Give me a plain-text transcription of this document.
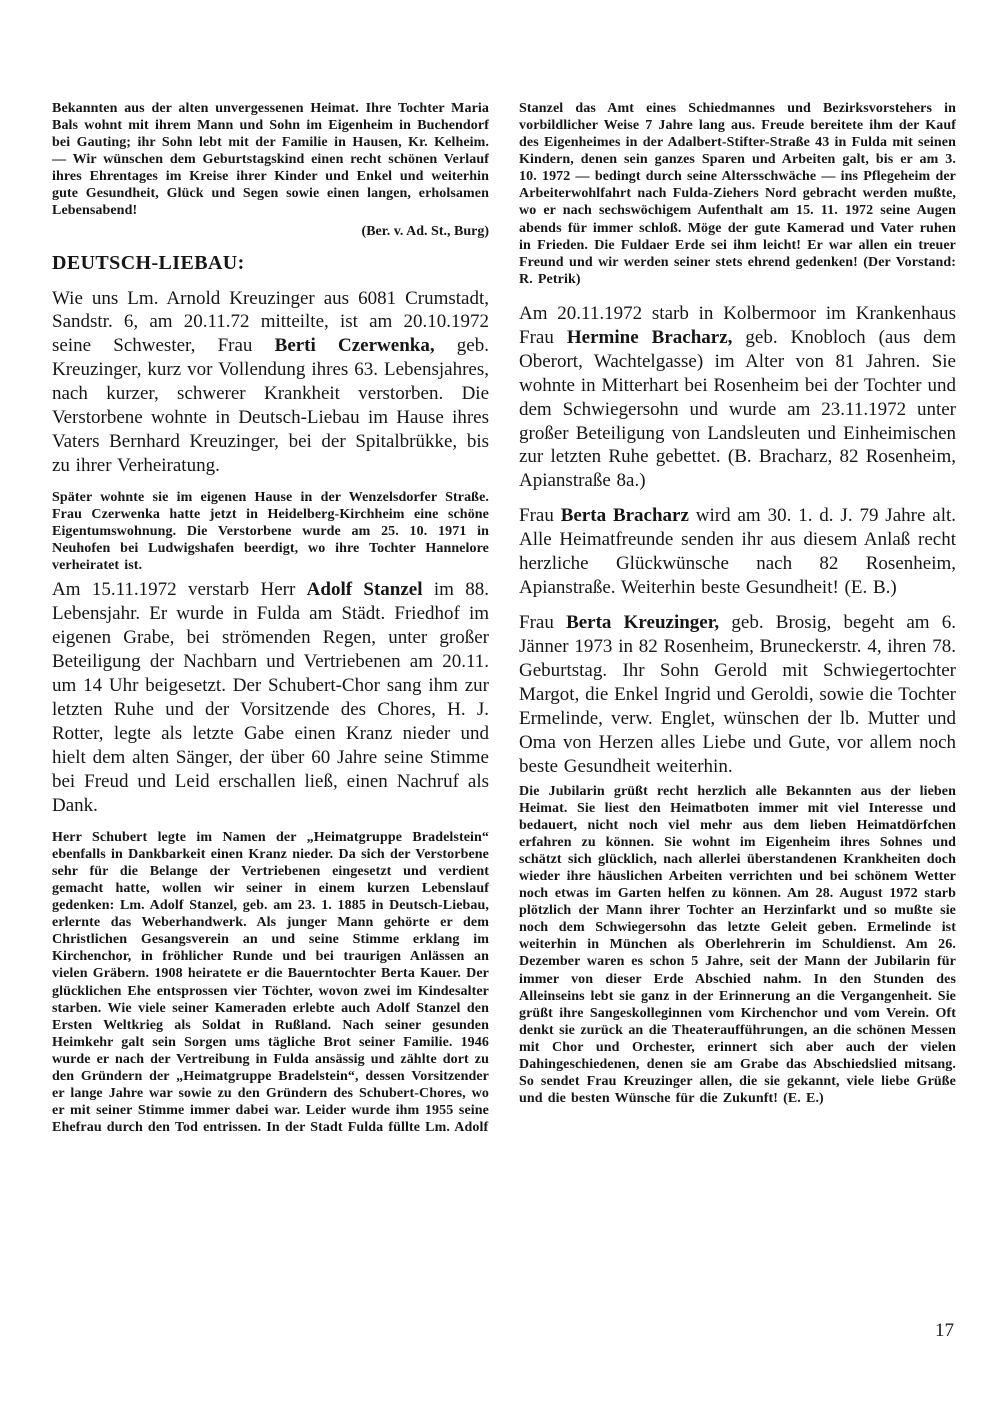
Bekannten aus der alten unvergessenen Heimat. Ihre Tochter Maria Bals wohnt mit ihrem Mann und Sohn im Eigenheim in Buchendorf bei Gauting; ihr Sohn lebt mit der Familie in Hausen, Kr. Kelheim. — Wir wünschen dem Geburtstagskind einen recht schönen Verlauf ihres Ehrentages im Kreise ihrer Kinder und Enkel und weiterhin gute Gesundheit, Glück und Segen sowie einen langen, erholsamen Lebensabend!

(Ber. v. Ad. St., Burg)
DEUTSCH-LIEBAU:

Wie uns Lm. Arnold Kreuzinger aus 6081 Crumstadt, Sandstr. 6, am 20.11.72 mitteilte, ist am 20.10.1972 seine Schwester, Frau Berti Czerwenka, geb. Kreuzinger, kurz vor Vollendung ihres 63. Lebensjahres, nach kurzer, schwerer Krankheit verstorben. Die Verstorbene wohnte in Deutsch-Liebau im Hause ihres Vaters Bernhard Kreuzinger, bei der Spitalbrükke, bis zu ihrer Verheiratung.

Später wohnte sie im eigenen Hause in der Wenzelsdorfer Straße. Frau Czerwenka hatte jetzt in Heidelberg-Kirchheim eine schöne Eigentumswohnung. Die Verstorbene wurde am 25. 10. 1971 in Neuhofen bei Ludwigshafen beerdigt, wo ihre Tochter Hannelore verheiratet ist.

Am 15.11.1972 verstarb Herr Adolf Stanzel im 88. Lebensjahr. Er wurde in Fulda am Städt. Friedhof im eigenen Grabe, bei strömenden Regen, unter großer Beteiligung der Nachbarn und Vertriebenen am 20.11. um 14 Uhr beigesetzt. Der Schubert-Chor sang ihm zur letzten Ruhe und der Vorsitzende des Chores, H. J. Rotter, legte als letzte Gabe einen Kranz nieder und hielt dem alten Sänger, der über 60 Jahre seine Stimme bei Freud und Leid erschallen ließ, einen Nachruf als Dank.

Herr Schubert legte im Namen der „Heimatgruppe Bradelstein“ ebenfalls in Dankbarkeit einen Kranz nieder. Da sich der Verstorbene sehr für die Belange der Vertriebenen eingesetzt und verdient gemacht hatte, wollen wir seiner in einem kurzen Lebenslauf gedenken: Lm. Adolf Stanzel, geb. am 23. 1. 1885 in Deutsch-Liebau, erlernte das Weberhandwerk. Als junger Mann gehörte er dem Christlichen Gesangsverein an und seine Stimme erklang im Kirchenchor, in fröhlicher Runde und bei traurigen Anlässen an vielen Gräbern. 1908 heiratete er die Bauerntochter Berta Kauer. Der glücklichen Ehe entsprossen vier Töchter, wovon zwei im Kindesalter starben. Wie viele seiner Kameraden erlebte auch Adolf Stanzel den Ersten Weltkrieg als Soldat in Rußland. Nach seiner gesunden Heimkehr galt sein Sorgen ums tägliche Brot seiner Familie. 1946 wurde er nach der Vertreibung in Fulda ansässig und zählte dort zu den Gründern der „Heimatgruppe Bradelstein“, dessen Vorsitzender er lange Jahre war sowie zu den Gründern des Schubert-Chores, wo er mit seiner Stimme immer dabei war. Leider wurde ihm 1955 seine Ehefrau durch den Tod entrissen. In der Stadt Fulda füllte Lm. Adolf

Stanzel das Amt eines Schiedmannes und Bezirksvorstehers in vorbildlicher Weise 7 Jahre lang aus. Freude bereitete ihm der Kauf des Eigenheimes in der Adalbert-Stifter-Straße 43 in Fulda mit seinen Kindern, denen sein ganzes Sparen und Arbeiten galt, bis er am 3. 10. 1972 — bedingt durch seine Altersschwäche — ins Pflegeheim der Arbeiterwohlfahrt nach Fulda-Ziehers Nord gebracht werden mußte, wo er nach sechswöchigem Aufenthalt am 15. 11. 1972 seine Augen abends für immer schloß. Möge der gute Kamerad und Vater ruhen in Frieden. Die Fuldaer Erde sei ihm leicht! Er war allen ein treuer Freund und wir werden seiner stets ehrend gedenken! (Der Vorstand: R. Petrik)

Am 20.11.1972 starb in Kolbermoor im Krankenhaus Frau Hermine Bracharz, geb. Knobloch (aus dem Oberort, Wachtelgasse) im Alter von 81 Jahren. Sie wohnte in Mitterhart bei Rosenheim bei der Tochter und dem Schwiegersohn und wurde am 23.11.1972 unter großer Beteiligung von Landsleuten und Einheimischen zur letzten Ruhe gebettet. (B. Bracharz, 82 Rosenheim, Apianstraße 8a.)

Frau Berta Bracharz wird am 30. 1. d. J. 79 Jahre alt. Alle Heimatfreunde senden ihr aus diesem Anlaß recht herzliche Glückwünsche nach 82 Rosenheim, Apianstraße. Weiterhin beste Gesundheit! (E. B.)

Frau Berta Kreuzinger, geb. Brosig, begeht am 6. Jänner 1973 in 82 Rosenheim, Bruneckerstr. 4, ihren 78. Geburtstag. Ihr Sohn Gerold mit Schwiegertochter Margot, die Enkel Ingrid und Geroldi, sowie die Tochter Ermelinde, verw. Englet, wünschen der lb. Mutter und Oma von Herzen alles Liebe und Gute, vor allem noch beste Gesundheit weiterhin.

Die Jubilarin grüßt recht herzlich alle Bekannten aus der lieben Heimat. Sie liest den Heimatboten immer mit viel Interesse und bedauert, nicht noch viel mehr aus dem lieben Heimatdörfchen erfahren zu können. Sie wohnt im Eigenheim ihres Sohnes und schätzt sich glücklich, nach allerlei überstandenen Krankheiten doch wieder ihre häuslichen Arbeiten verrichten und bei schönem Wetter noch etwas im Garten helfen zu können. Am 28. August 1972 starb plötzlich der Mann ihrer Tochter an Herzinfarkt und so mußte sie noch dem Schwiegersohn das letzte Geleit geben. Ermelinde ist weiterhin in München als Oberlehrerin im Schuldienst. Am 26. Dezember waren es schon 5 Jahre, seit der Mann der Jubilarin für immer von dieser Erde Abschied nahm. In den Stunden des Alleinseins lebt sie ganz in der Erinnerung an die Vergangenheit. Sie grüßt ihre Sangeskolleginnen vom Kirchenchor und vom Verein. Oft denkt sie zurück an die Theateraufführungen, an die schönen Messen mit Chor und Orchester, erinnert sich aber auch der vielen Dahingeschiedenen, denen sie am Grabe das Abschiedslied mitsang. So sendet Frau Kreuzinger allen, die sie gekannt, viele liebe Grüße und die besten Wünsche für die Zukunft! (E. E.)

17
